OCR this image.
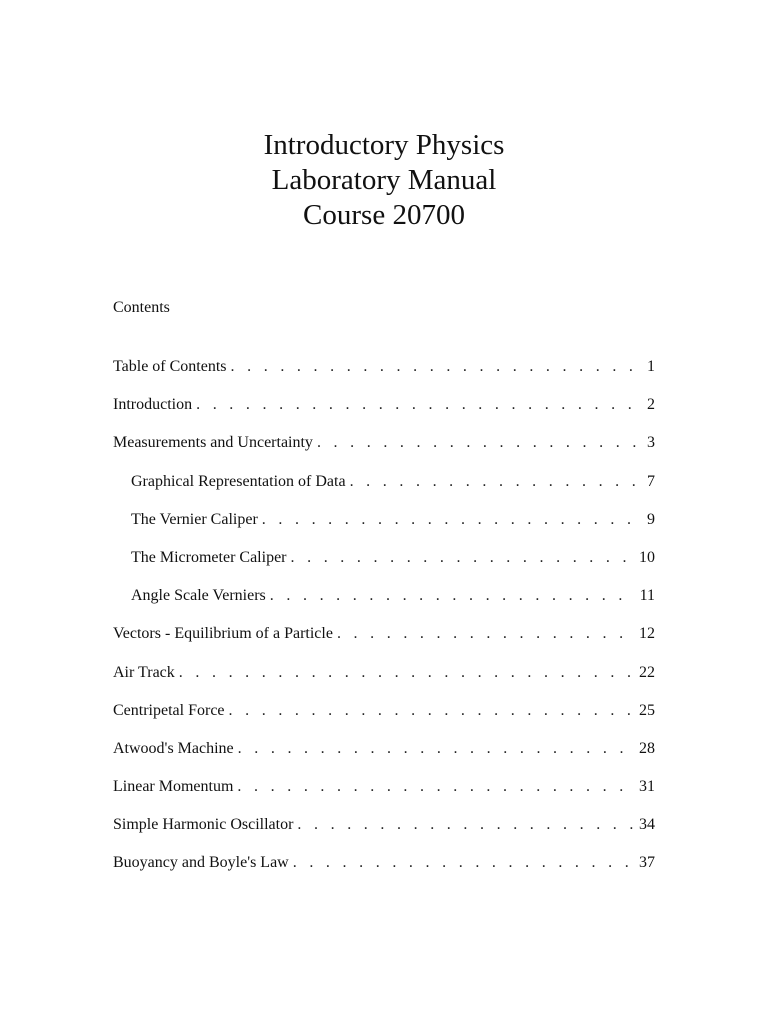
Introductory Physics
Laboratory Manual
Course 20700
Contents
Table of Contents . . .	1
Introduction . . .	2
Measurements and Uncertainty . . .	3
Graphical Representation of Data . . .	7
The Vernier Caliper . . .	9
The Micrometer Caliper . . .	10
Angle Scale Verniers . . .	11
Vectors - Equilibrium of a Particle . . .	12
Air Track . . .	22
Centripetal Force . . .	25
Atwood's Machine . . .	28
Linear Momentum . . .	31
Simple Harmonic Oscillator . . .	34
Buoyancy and Boyle's Law . . .	37
